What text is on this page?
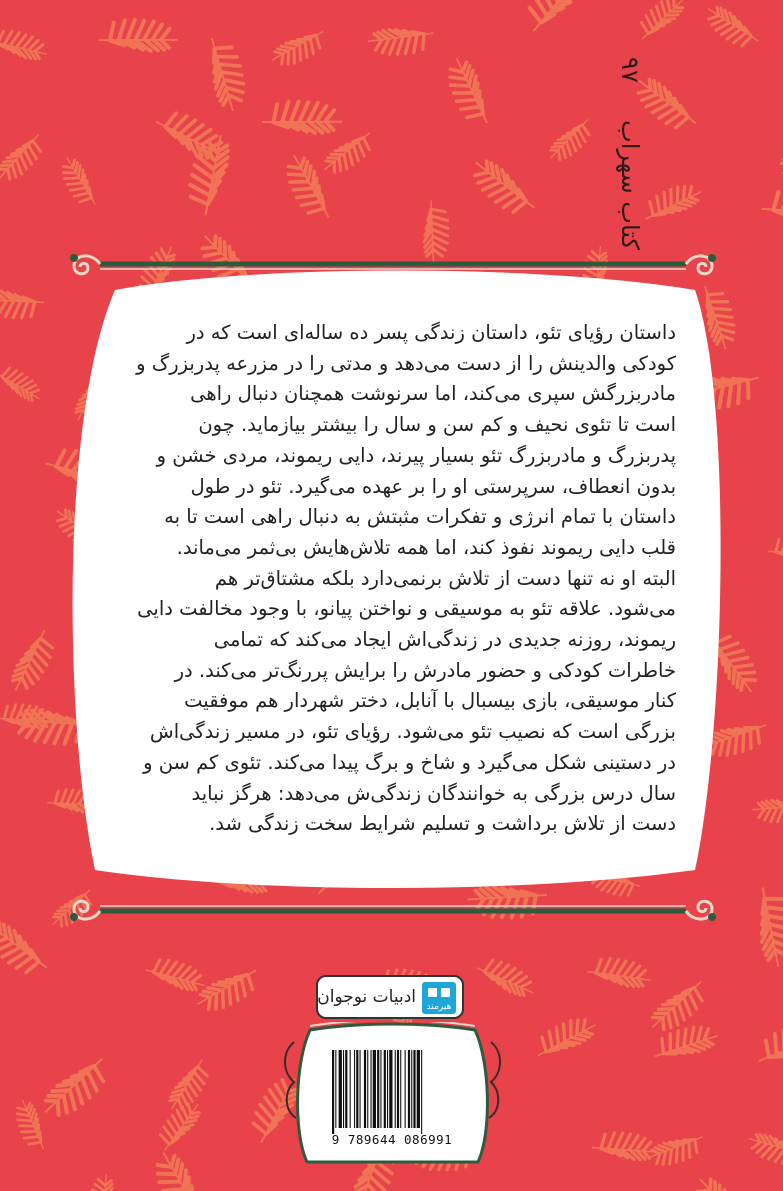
کتاب سهراب  ۹۷
داستان رؤیای تئو، داستان زندگی پسر ده ساله‌ای است که در
کودکی والدینش را از دست می‌دهد و مدتی را در مزرعه پدربزرگ و
مادربزرگش سپری می‌کند، اما سرنوشت همچنان دنبال راهی
است تا تئوی نحیف و کم سن و سال را بیشتر بیازماید. چون
پدربزرگ و مادربزرگ تئو بسیار پیرند، دایی ریموند، مردی خشن و
بدون انعطاف، سرپرستی او را بر عهده می‌گیرد. تئو در طول
داستان با تمام انرژی و تفکرات مثبتش به دنبال راهی است تا به
قلب دایی ریموند نفوذ کند، اما همه تلاش‌هایش بی‌ثمر می‌ماند.
البته او نه تنها دست از تلاش برنمی‌دارد بلکه مشتاق‌تر هم
می‌شود. علاقه تئو به موسیقی و نواختن پیانو، با وجود مخالفت دایی
ریموند، روزنه جدیدی در زندگی‌اش ایجاد می‌کند که تمامی
خاطرات کودکی و حضور مادرش را برایش پررنگ‌تر می‌کند. در
کنار موسیقی، بازی بیسبال با آنابل، دختر شهردار هم موفقیت
بزرگی است که نصیب تئو می‌شود. رؤیای تئو، در مسیر زندگی‌اش
در دستینی شکل می‌گیرد و شاخ و برگ پیدا می‌کند. تئوی کم سن و
سال درس بزرگی به خوانندگان زندگی‌ش می‌دهد: هرگز نباید
دست از تلاش برداشت و تسلیم شرایط سخت زندگی شد.
ادبیات نوجوان	هیرمند
9 789644 086991
